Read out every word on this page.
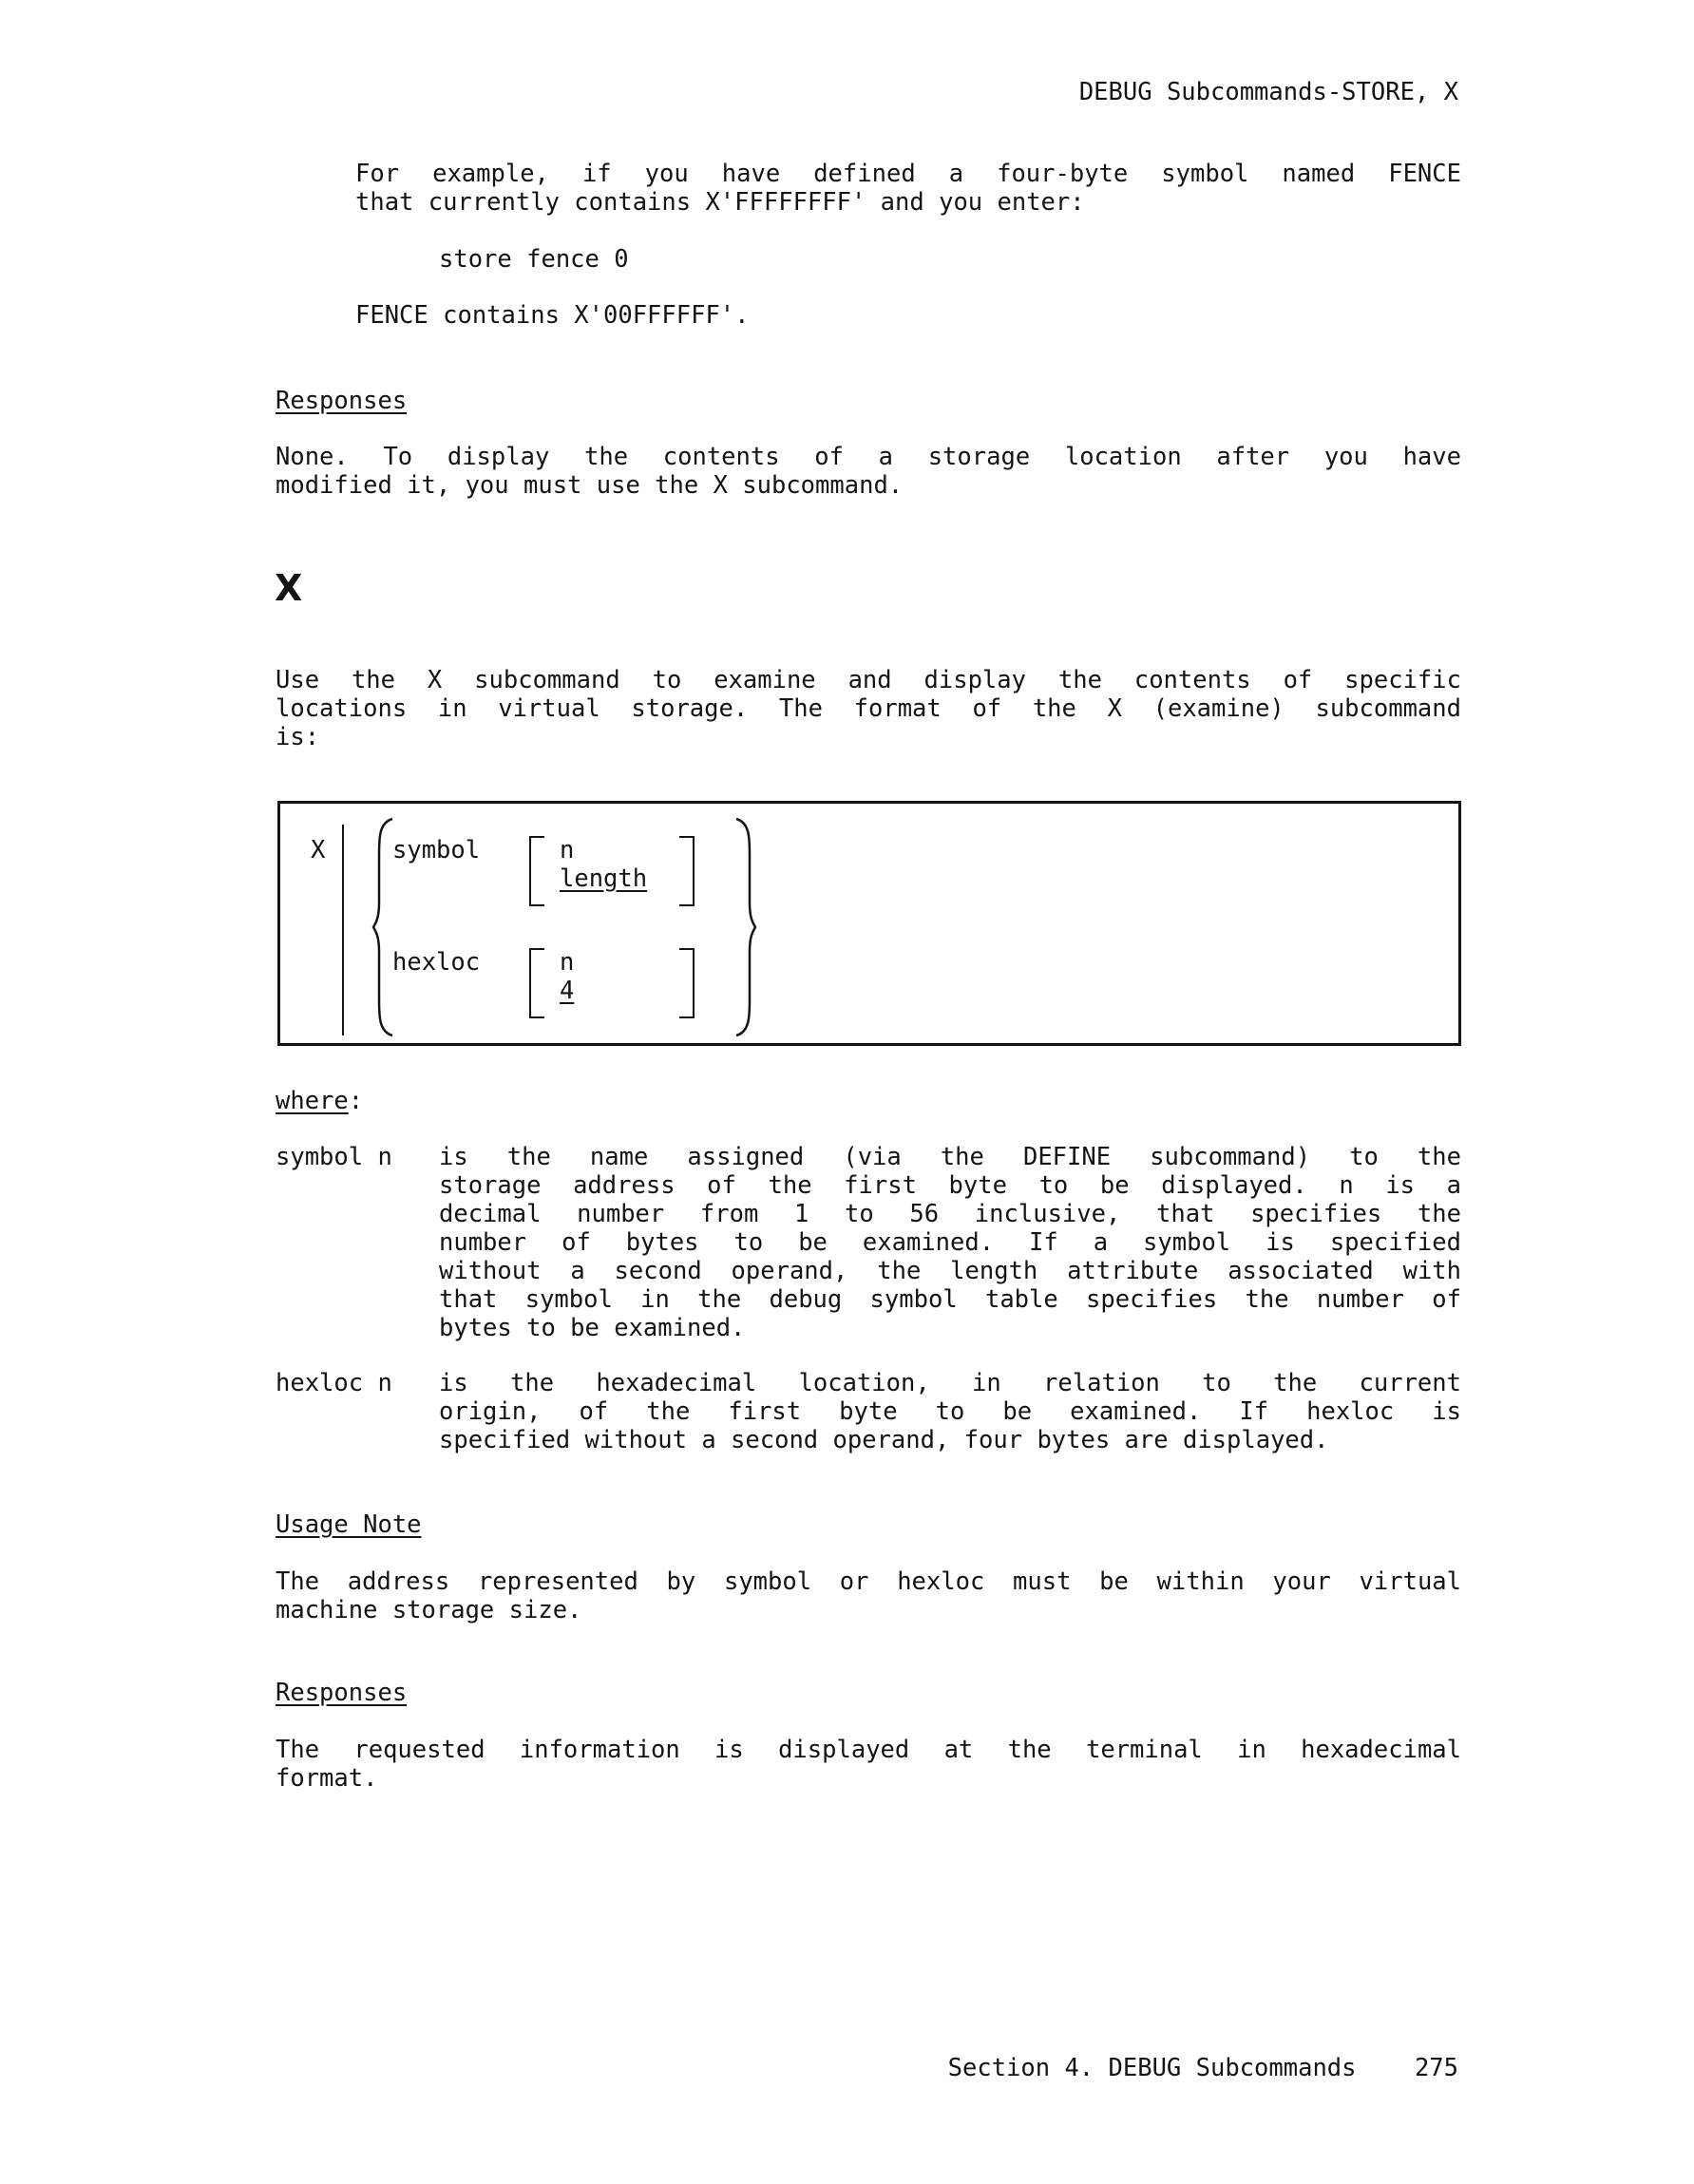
DEBUG Subcommands-STORE, X
For example, if you have defined a four-byte symbol named FENCE
that currently contains X'FFFFFFFF' and you enter:
store fence 0
FENCE contains X'00FFFFFF'.
Responses
None. To display the contents of a storage location after you have
modified it, you must use the X subcommand.
X
Use the X subcommand to examine and display the contents of specific
locations in virtual storage. The format of the X (examine) subcommand
is:
X	symbol	n
length
hexloc	n
4
where:
symbol n is the name assigned (via the DEFINE subcommand) to the
storage address of the first byte to be displayed. n is a
decimal number from 1 to 56 inclusive, that specifies the
number of bytes to be examined. If a symbol is specified
without a second operand, the length attribute associated with
that symbol in the debug symbol table specifies the number of
bytes to be examined.
hexloc n is the hexadecimal location, in relation to the current
origin, of the first byte to be examined. If hexloc is
specified without a second operand, four bytes are displayed.
Usage Note
The address represented by symbol or hexloc must be within your virtual
machine storage size.
Responses
The requested information is displayed at the terminal in hexadecimal
format.
Section 4. DEBUG Subcommands 275
